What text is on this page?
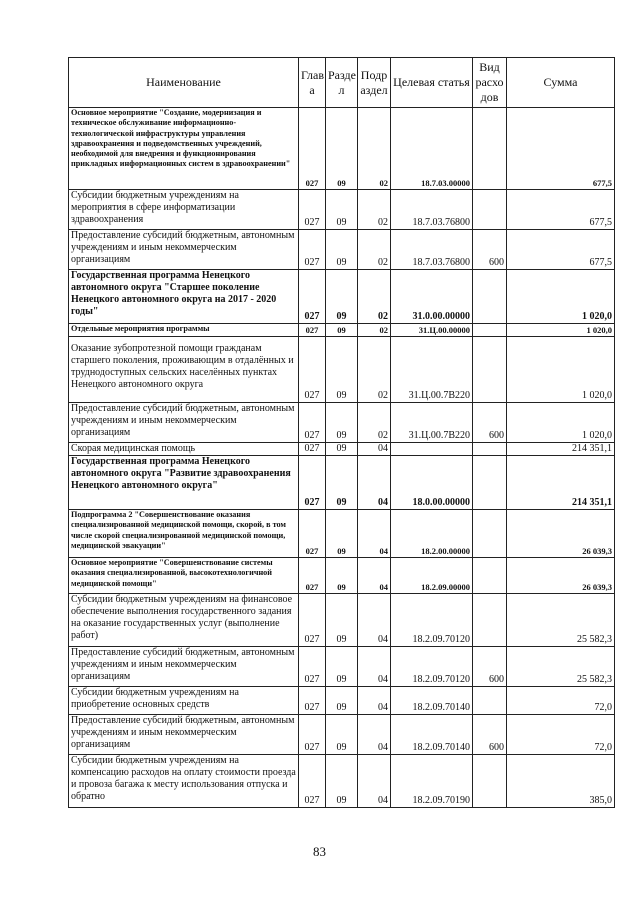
Наименование	Глав а	Разде л	Подр аздел	Целевая статья	Вид расхо дов	Сумма
Основное мероприятие "Создание, модернизация и техническое обслуживание информационно-технологической инфраструктуры управления здравоохранения и подведомственных учреждений, необходимой для внедрения и функционирования прикладных информационных систем в здравоохранении"	027	09	02	18.7.03.00000		677,5
Субсидии бюджетным учреждениям на мероприятия в сфере информатизации здравоохранения	027	09	02	18.7.03.76800		677,5
Предоставление субсидий бюджетным, автономным учреждениям и иным некоммерческим организациям	027	09	02	18.7.03.76800	600	677,5
Государственная программа Ненецкого автономного округа "Старшее поколение Ненецкого автономного округа на 2017 - 2020 годы"	027	09	02	31.0.00.00000		1 020,0
Отдельные мероприятия программы	027	09	02	31.Ц.00.00000		1 020,0
Оказание зубопротезной помощи гражданам старшего поколения, проживающим в отдалённых и труднодоступных сельских населённых пунктах Ненецкого автономного округа	027	09	02	31.Ц.00.7В220		1 020,0
Предоставление субсидий бюджетным, автономным учреждениям и иным некоммерческим организациям	027	09	02	31.Ц.00.7В220	600	1 020,0
Скорая медицинская помощь	027	09	04			214 351,1
Государственная программа Ненецкого автономного округа "Развитие здравоохранения Ненецкого автономного округа"	027	09	04	18.0.00.00000		214 351,1
Подпрограмма 2 "Совершенствование оказания специализированной медицинской помощи, скорой, в том числе скорой специализированной медицинской помощи, медицинской эвакуации"	027	09	04	18.2.00.00000		26 039,3
Основное мероприятие "Совершенствование системы оказания специализированной, высокотехнологичной медицинской помощи"	027	09	04	18.2.09.00000		26 039,3
Субсидии бюджетным учреждениям на финансовое обеспечение выполнения государственного задания на оказание государственных услуг (выполнение работ)	027	09	04	18.2.09.70120		25 582,3
Предоставление субсидий бюджетным, автономным учреждениям и иным некоммерческим организациям	027	09	04	18.2.09.70120	600	25 582,3
Субсидии бюджетным учреждениям на приобретение основных средств	027	09	04	18.2.09.70140		72,0
Предоставление субсидий бюджетным, автономным учреждениям и иным некоммерческим организациям	027	09	04	18.2.09.70140	600	72,0
Субсидии бюджетным учреждениям на компенсацию расходов на оплату стоимости проезда и провоза багажа к месту использования отпуска и обратно	027	09	04	18.2.09.70190		385,0
83
